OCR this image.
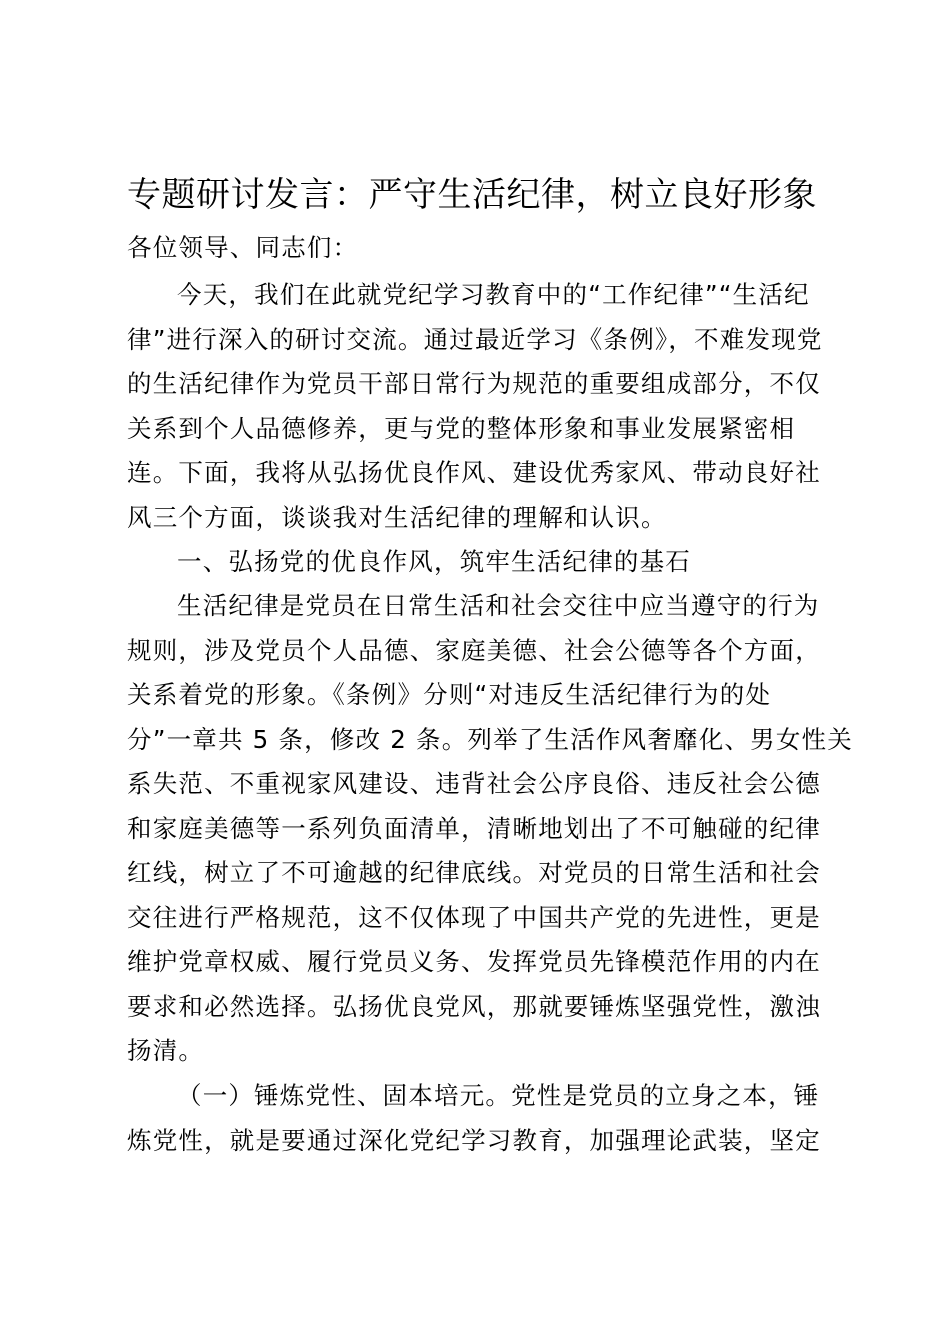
专题研讨发言：严守生活纪律，树立良好形象
各位领导、同志们：
今天，我们在此就党纪学习教育中的“工作纪律”“生活纪
律”进行深入的研讨交流。通过最近学习《条例》，不难发现党
的生活纪律作为党员干部日常行为规范的重要组成部分，不仅
关系到个人品德修养，更与党的整体形象和事业发展紧密相
连。下面，我将从弘扬优良作风、建设优秀家风、带动良好社
风三个方面，谈谈我对生活纪律的理解和认识。
一、弘扬党的优良作风，筑牢生活纪律的基石
生活纪律是党员在日常生活和社会交往中应当遵守的行为
规则，涉及党员个人品德、家庭美德、社会公德等各个方面，
关系着党的形象。《条例》分则“对违反生活纪律行为的处
分”一章共 5 条，修改 2 条。列举了生活作风奢靡化、男女性关
系失范、不重视家风建设、违背社会公序良俗、违反社会公德
和家庭美德等一系列负面清单，清晰地划出了不可触碰的纪律
红线，树立了不可逾越的纪律底线。对党员的日常生活和社会
交往进行严格规范，这不仅体现了中国共产党的先进性，更是
维护党章权威、履行党员义务、发挥党员先锋模范作用的内在
要求和必然选择。弘扬优良党风，那就要锤炼坚强党性，激浊
扬清。
（一）锤炼党性、固本培元。党性是党员的立身之本，锤
炼党性，就是要通过深化党纪学习教育，加强理论武装，坚定
